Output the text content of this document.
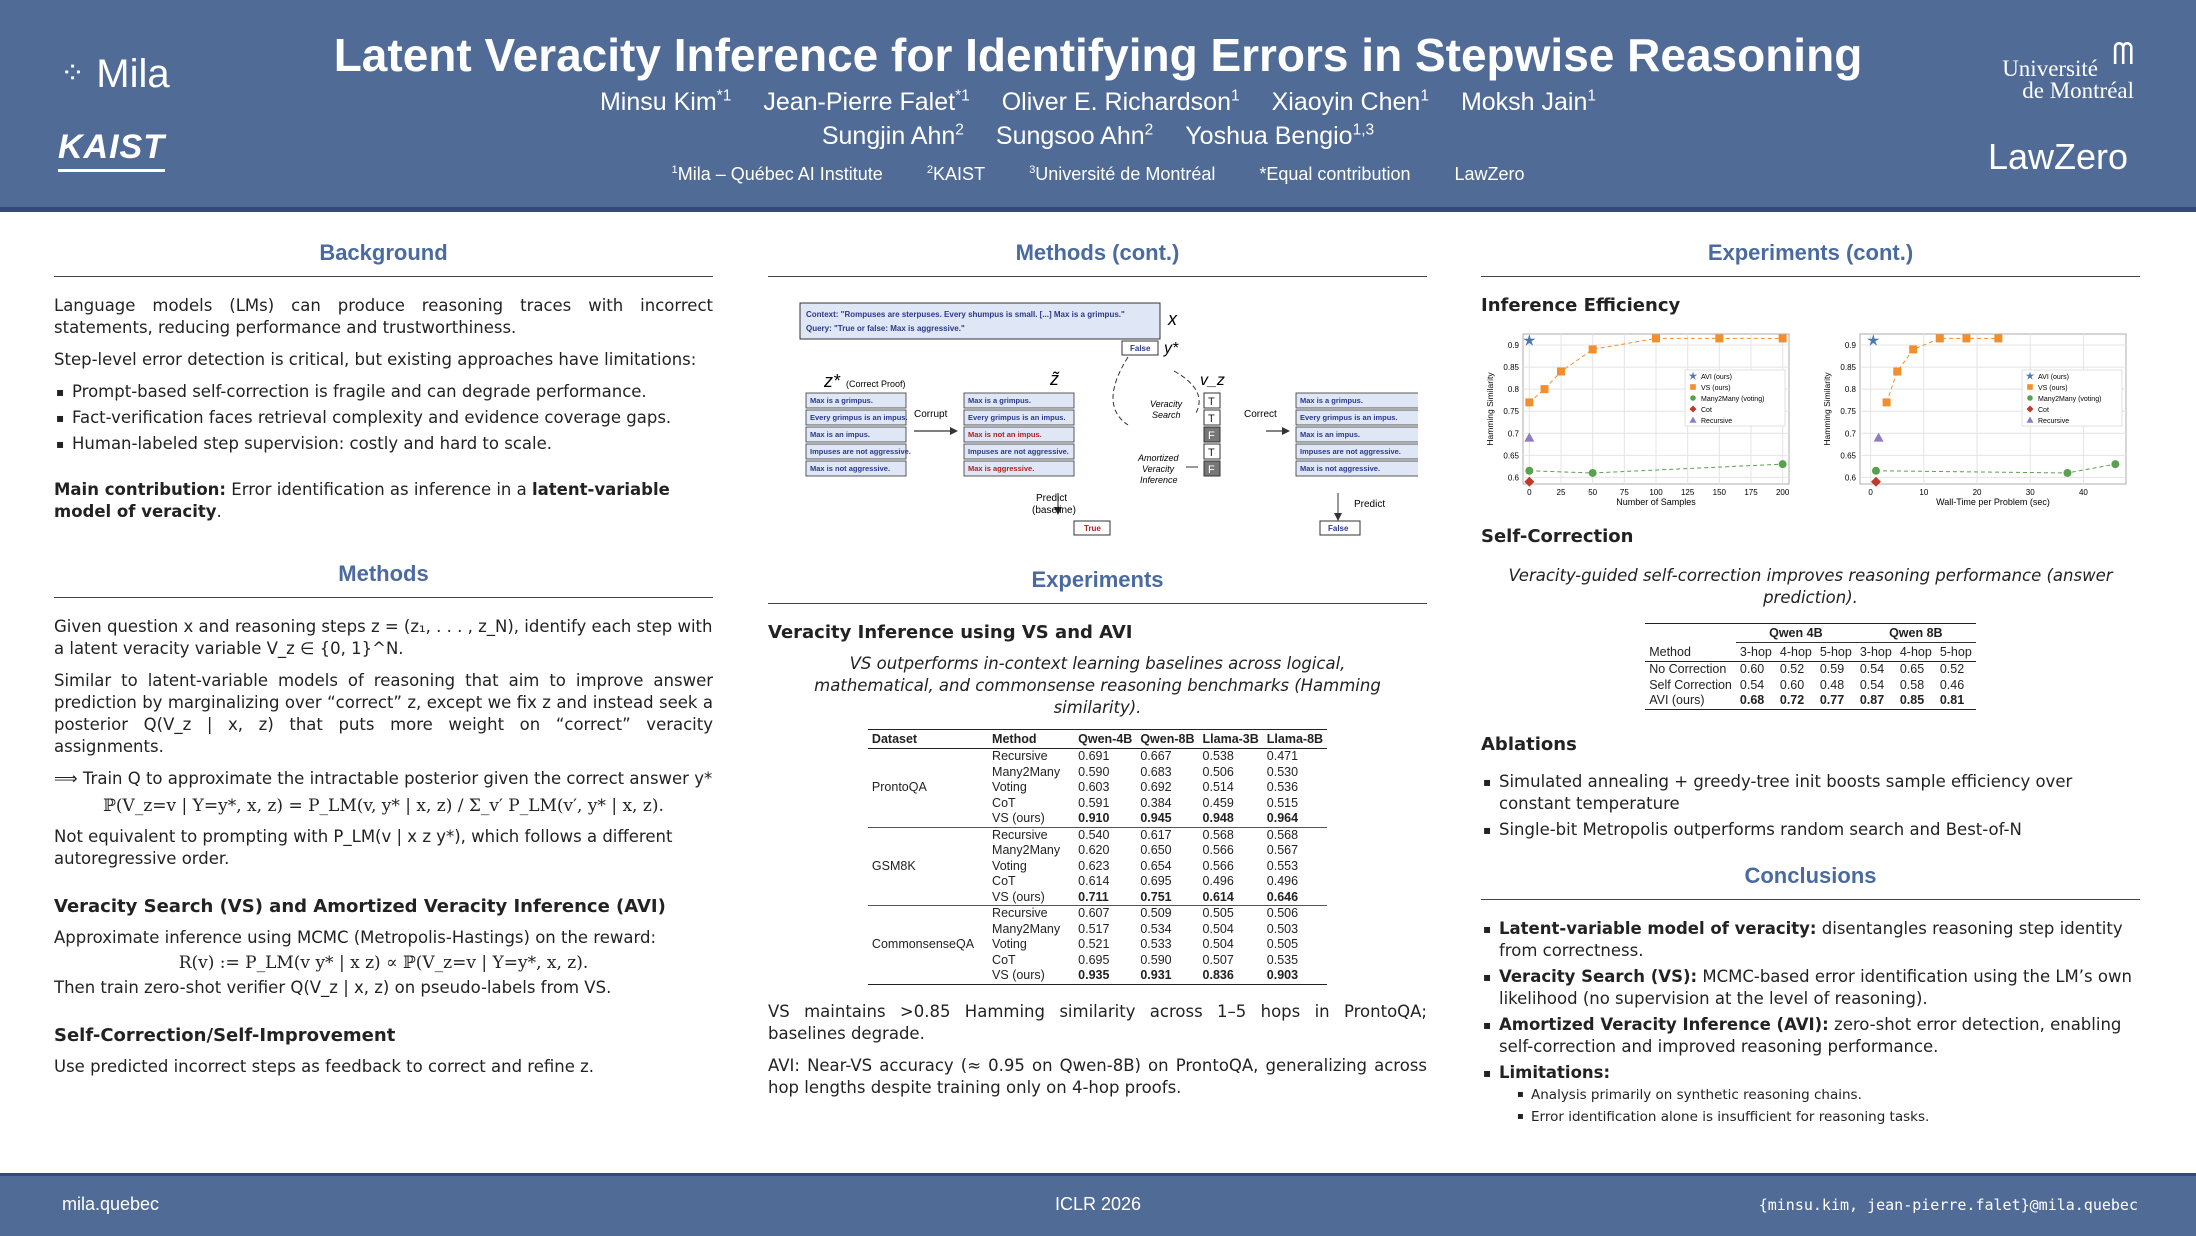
⁘ Mila
KAIST
Latent Veracity Inference for Identifying Errors in Stepwise Reasoning
Minsu Kim$^{*1}$ Jean-Pierre Falet$^{*1}$ Oliver E. Richardson$^1$ Xiaoyin Chen$^1$ Moksh Jain$^1$
Sungjin Ahn$^2$ Sungsoo Ahn$^2$ Yoshua Bengio$^{1,3}$
$^1$Mila – Québec AI Institute	$^2$KAIST	$^3$Université de Montréal *Equal contribution LawZero
Université
de Montréal
ᗰ
LawZero
Background
Language models (LMs) can produce reasoning traces with incorrect statements, reducing performance and trustworthiness.
Step-level error detection is critical, but existing approaches have limitations:
▪ Prompt-based self-correction is fragile and can degrade performance.
▪ Fact-verification faces retrieval complexity and evidence coverage gaps.
▪ Human-labeled step supervision: costly and hard to scale.
Main contribution: Error identification as inference in a latent-variable model of veracity.
Methods
Given question x and reasoning steps z = (z₁, . . . , z_N), identify each step with a latent veracity variable V_z ∈ {0, 1}^N.
Similar to latent-variable models of reasoning that aim to improve answer prediction by marginalizing over “correct” z, except we fix z and instead seek a posterior Q(V_z | x, z) that puts more weight on “correct” veracity assignments.
⟹ Train Q to approximate the intractable posterior given the correct answer y*
ℙ(V_z=v | Y=y*, x, z) = P_LM(v, y* | x, z) / Σ_v′ P_LM(v′, y* | x, z).
Not equivalent to prompting with P_LM(v | x z y*), which follows a different autoregressive order.
Veracity Search (VS) and Amortized Veracity Inference (AVI)
Approximate inference using MCMC (Metropolis-Hastings) on the reward:
R(v) := P_LM(v y* | x z) ∝ ℙ(V_z=v | Y=y*, x, z).
Then train zero-shot verifier Q(V_z | x, z) on pseudo-labels from VS.
Self-Correction/Self-Improvement
Use predicted incorrect steps as feedback to correct and refine z.
Methods (cont.)
Context: "Rompuses are sterpuses. Every shumpus is small. [...] Max is a grimpus."
Query: "True or false: Max is aggressive."	x
False y*
z* (Correct Proof)	z̃	v_z
Max is a grimpus.
Every grimpus is an impus.
Max is an impus.
Impuses are not aggressive.
Max is not aggressive.
Max is a grimpus.
Every grimpus is an impus.
Max is not an impus.
Impuses are not aggressive.
Max is aggressive.
Max is a grimpus.
Every grimpus is an impus.
Max is an impus.
Impuses are not aggressive.
Max is not aggressive.
T
T
F
T
F
Corrupt	Correct
Veracity
Search
Amortized
Veracity
Inference
Predict
(baseline)
True
Predict
False
Experiments
Veracity Inference using VS and AVI
VS outperforms in-context learning baselines across logical, mathematical, and commonsense reasoning benchmarks (Hamming similarity).
Dataset	Method	Qwen-4B	Qwen-8B	Llama-3B	Llama-8B
ProntoQA	Recursive	0.691	0.667	0.538	0.471
	Many2Many	0.590	0.683	0.506	0.530
	Voting	0.603	0.692	0.514	0.536
	CoT	0.591	0.384	0.459	0.515
	VS (ours)	0.910	0.945	0.948	0.964
GSM8K	Recursive	0.540	0.617	0.568	0.568
	Many2Many	0.620	0.650	0.566	0.567
	Voting	0.623	0.654	0.566	0.553
	CoT	0.614	0.695	0.496	0.496
	VS (ours)	0.711	0.751	0.614	0.646
CommonsenseQA	Recursive	0.607	0.509	0.505	0.506
	Many2Many	0.517	0.534	0.504	0.503
	Voting	0.521	0.533	0.504	0.505
	CoT	0.695	0.590	0.507	0.535
	VS (ours)	0.935	0.931	0.836	0.903
VS maintains >0.85 Hamming similarity across 1–5 hops in ProntoQA; baselines degrade.
AVI: Near-VS accuracy (≈ 0.95 on Qwen-8B) on ProntoQA, generalizing across hop lengths despite training only on 4-hop proofs.
Experiments (cont.)
Inference Efficiency
0.6
0.65
0.7
0.75
0.8
0.85
0.9
0	25	50	75	100 125 150 175 200
Number of Samples
Hamming Similarity	AVI (ours)
VS (ours)
Many2Many (voting)
Cot
Recursive
0.6
0.65
0.7
0.75
0.8
0.85
0.9
0	10	20	30	40
Wall-Time per Problem (sec)
Hamming Similarity	AVI (ours)
VS (ours)
Many2Many (voting)
Cot
Recursive
Self-Correction
Veracity-guided self-correction improves reasoning performance (answer prediction).
	Qwen 4B			Qwen 8B		
Method	3-hop	4-hop	5-hop	3-hop	4-hop	5-hop
No Correction	0.60	0.52	0.59	0.54	0.65	0.52
Self Correction	0.54	0.60	0.48	0.54	0.58	0.46
AVI (ours)	0.68	0.72	0.77	0.87	0.85	0.81
Ablations
▪ Simulated annealing + greedy-tree init boosts sample efficiency over constant temperature
▪ Single-bit Metropolis outperforms random search and Best-of-N
Conclusions
▪ Latent-variable model of veracity: disentangles reasoning step identity from correctness.
▪ Veracity Search (VS): MCMC-based error identification using the LM’s own likelihood (no supervision at the level of reasoning).
▪ Amortized Veracity Inference (AVI): zero-shot error detection, enabling self-correction and improved reasoning performance.
▪ Limitations:
▪ Analysis primarily on synthetic reasoning chains.
▪ Error identification alone is insufficient for reasoning tasks.
mila.quebec	ICLR 2026	{minsu.kim, jean-pierre.falet}@mila.quebec
